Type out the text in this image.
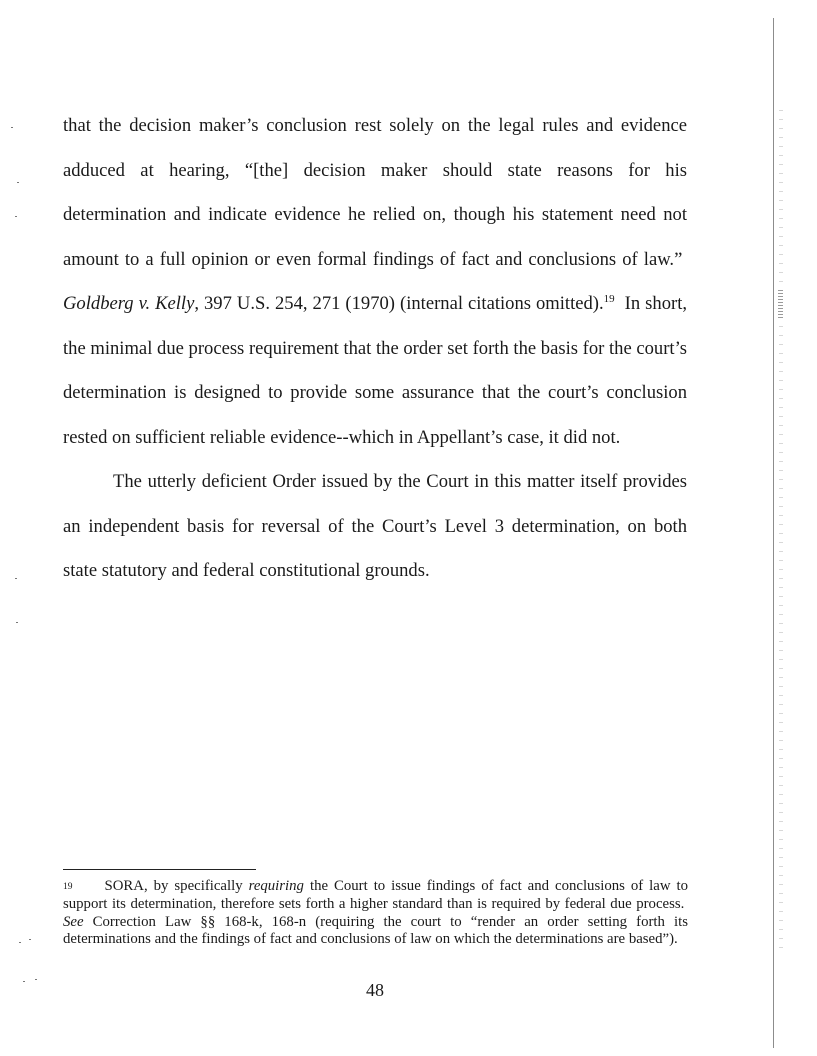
that the decision maker’s conclusion rest solely on the legal rules and evidence adduced at hearing, “[the] decision maker should state reasons for his determination and indicate evidence he relied on, though his statement need not amount to a full opinion or even formal findings of fact and conclusions of law.”  Goldberg v. Kelly, 397 U.S. 254, 271 (1970) (internal citations omitted).$^{19}$ In short, the minimal due process requirement that the order set forth the basis for the court’s determination is designed to provide some assurance that the court’s conclusion rested on sufficient reliable evidence--which in Appellant’s case, it did not.

The utterly deficient Order issued by the Court in this matter itself provides an independent basis for reversal of the Court’s Level 3 determination, on both state statutory and federal constitutional grounds.

19 SORA, by specifically requiring the Court to issue findings of fact and conclusions of law to support its determination, therefore sets forth a higher standard than is required by federal due process.  See Correction Law §§ 168-k, 168-n (requiring the court to “render an order setting forth its determinations and the findings of fact and conclusions of law on which the determinations are based”).

48
